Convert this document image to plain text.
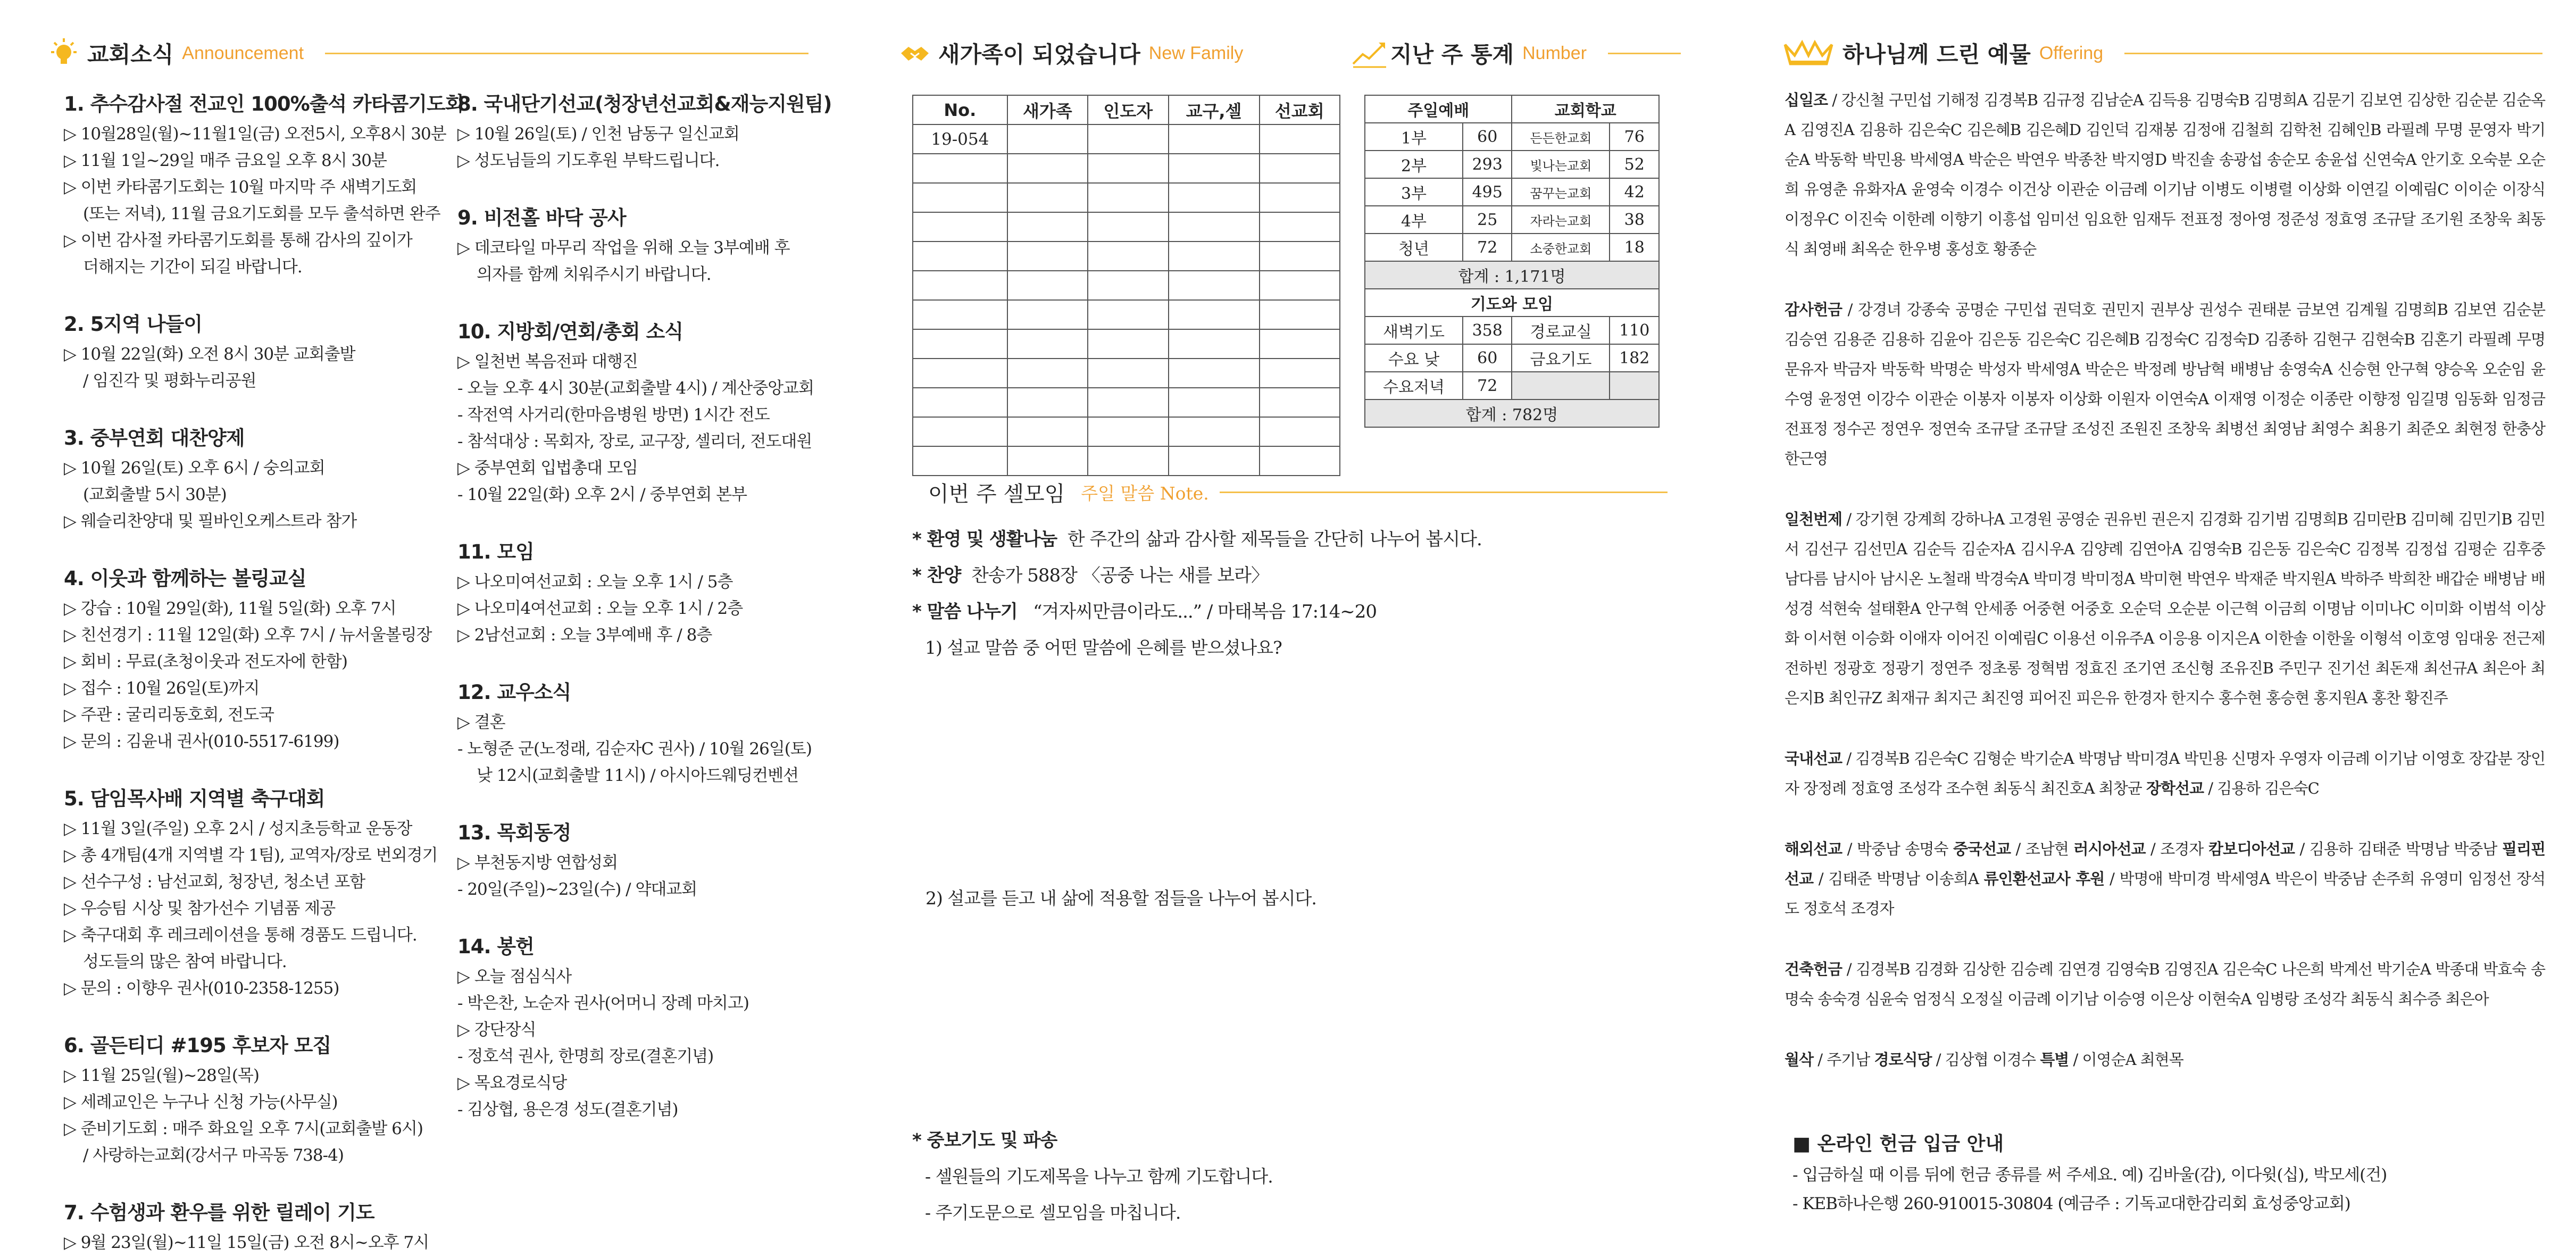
교회소식 Announcement
1. 추수감사절 전교인 100%출석 카타콤기도회
▷ 10월28일(월)~11월1일(금) 오전5시, 오후8시 30분
▷ 11월 1일~29일 매주 금요일 오후 8시 30분
▷ 이번 카타콤기도회는 10월 마지막 주 새벽기도회
(또는 저녁), 11월 금요기도회를 모두 출석하면 완주
▷ 이번 감사절 카타콤기도회를 통해 감사의 깊이가
더해지는 기간이 되길 바랍니다.
2. 5지역 나들이
▷ 10월 22일(화) 오전 8시 30분 교회출발
/ 임진각 및 평화누리공원
3. 중부연회 대찬양제
▷ 10월 26일(토) 오후 6시 / 숭의교회
(교회출발 5시 30분)
▷ 웨슬리찬양대 및 필바인오케스트라 참가
4. 이웃과 함께하는 볼링교실
▷ 강습 : 10월 29일(화), 11월 5일(화) 오후 7시
▷ 친선경기 : 11월 12일(화) 오후 7시 / 뉴서울볼링장
▷ 회비 : 무료(초청이웃과 전도자에 한함)
▷ 접수 : 10월 26일(토)까지
▷ 주관 : 굴리리동호회, 전도국
▷ 문의 : 김윤내 권사(010-5517-6199)
5. 담임목사배 지역별 축구대회
▷ 11월 3일(주일) 오후 2시 / 성지초등학교 운동장
▷ 총 4개팀(4개 지역별 각 1팀), 교역자/장로 번외경기
▷ 선수구성 : 남선교회, 청장년, 청소년 포함
▷ 우승팀 시상 및 참가선수 기념품 제공
▷ 축구대회 후 레크레이션을 통해 경품도 드립니다.
성도들의 많은 참여 바랍니다.
▷ 문의 : 이향우 권사(010-2358-1255)
6. 골든티디 #195 후보자 모집
▷ 11월 25일(월)~28일(목)
▷ 세례교인은 누구나 신청 가능(사무실)
▷ 준비기도회 : 매주 화요일 오후 7시(교회출발 6시)
/ 사랑하는교회(강서구 마곡동 738-4)
7. 수험생과 환우를 위한 릴레이 기도
▷ 9월 23일(월)~11일 15일(금) 오전 8시~오후 7시
8. 국내단기선교(청장년선교회&재능지원팀)
▷ 10월 26일(토) / 인천 남동구 일신교회
▷ 성도님들의 기도후원 부탁드립니다.
9. 비전홀 바닥 공사
▷ 데코타일 마무리 작업을 위해 오늘 3부예배 후
의자를 함께 치워주시기 바랍니다.
10. 지방회/연회/총회 소식
▷ 일천번 복음전파 대행진
- 오늘 오후 4시 30분(교회출발 4시) / 계산중앙교회
- 작전역 사거리(한마음병원 방면) 1시간 전도
- 참석대상 : 목회자, 장로, 교구장, 셀리더, 전도대원
▷ 중부연회 입법총대 모임
- 10월 22일(화) 오후 2시 / 중부연회 본부
11. 모임
▷ 나오미여선교회 : 오늘 오후 1시 / 5층
▷ 나오미4여선교회 : 오늘 오후 1시 / 2층
▷ 2남선교회 : 오늘 3부예배 후 / 8층
12. 교우소식
▷ 결혼
- 노형준 군(노정래, 김순자C 권사) / 10월 26일(토)
낮 12시(교회출발 11시) / 아시아드웨딩컨벤션
13. 목회동정
▷ 부천동지방 연합성회
- 20일(주일)~23일(수) / 약대교회
14. 봉헌
▷ 오늘 점심식사
- 박은찬, 노순자 권사(어머니 장례 마치고)
▷ 강단장식
- 정호석 권사, 한명희 장로(결혼기념)
▷ 목요경로식당
- 김상협, 용은경 성도(결혼기념)
새가족이 되었습니다 New Family	지난 주 통계 Number
No.	새가족	인도자	교구,셀	선교회
19-054				

주일예배		교회학교	
1부	60	든든한교회	76
2부	293	빛나는교회	52
3부	495	꿈꾸는교회	42
4부	25	자라는교회	38
청년	72	소중한교회	18
합계 : 1,171명			
기도와 모임			
새벽기도	358	경로교실	110
수요 낮	60	금요기도	182
수요저녁	72		
합계 : 782명			
이번 주 셀모임 주일 말씀 Note.
* 환영 및 생활나눔 한 주간의 삶과 감사할 제목들을 간단히 나누어 봅시다.
* 찬양 찬송가 588장 〈공중 나는 새를 보라〉
* 말씀 나누기 “겨자씨만큼이라도...” / 마태복음 17:14~20
1) 설교 말씀 중 어떤 말씀에 은혜를 받으셨나요?
2) 설교를 듣고 내 삶에 적용할 점들을 나누어 봅시다.
* 중보기도 및 파송
- 셀원들의 기도제목을 나누고 함께 기도합니다.
- 주기도문으로 셀모임을 마칩니다.
하나님께 드린 예물 Offering
십일조 / 강신철 구민섭 기해정 김경복B 김규정 김남순A 김득용 김명숙B 김명희A 김문기 김보연 김상한 김순분 김순옥A 김영진A 김용하 김은숙C 김은혜B 김은혜D 김인덕 김재봉 김정애 김철희 김학천 김혜인B 라필례 무명 문영자 박기순A 박동학 박민용 박세영A 박순은 박연우 박종찬 박지영D 박진솔 송광섭 송순모 송윤섭 신연숙A 안기호 오숙분 오순희 유영춘 유화자A 윤영숙 이경수 이건상 이관순 이금례 이기남 이병도 이병렬 이상화 이연길 이예림C 이이순 이장식 이정우C 이진숙 이한례 이향기 이흥섭 임미선 임요한 임재두 전표정 정아영 정준성 정효영 조규달 조기원 조창욱 최동식 최영배 최옥순 한우병 홍성호 황종순
감사헌금 / 강경녀 강종숙 공명순 구민섭 권덕호 권민지 권부상 권성수 권태분 금보연 김계월 김명희B 김보연 김순분 김승연 김용준 김용하 김윤아 김은동 김은숙C 김은혜B 김정숙C 김정숙D 김종하 김현구 김현숙B 김혼기 라필례 무명 문유자 박금자 박동학 박명순 박성자 박세영A 박순은 박정례 방남혁 배병남 송영숙A 신승현 안구혁 양승옥 오순임 윤수영 윤정연 이강수 이관순 이봉자 이봉자 이상화 이원자 이연숙A 이재영 이정순 이종란 이향정 임길명 임동화 임정금 전표정 정수곤 정연우 정연숙 조규달 조규달 조성진 조원진 조창욱 최병선 최영남 최영수 최용기 최준오 최현정 한충상 한근영
일천번제 / 강기현 강계희 강하나A 고경원 공영순 권유빈 권은지 김경화 김기범 김명희B 김미란B 김미혜 김민기B 김민서 김선구 김선민A 김순득 김순자A 김시우A 김양례 김연아A 김영숙B 김은동 김은숙C 김정복 김정섭 김평순 김후중 남다름 남시아 남시온 노철래 박경숙A 박미경 박미정A 박미현 박연우 박재준 박지원A 박하주 박희찬 배갑순 배병남 배성경 석현숙 설태환A 안구혁 안세종 어중현 어중호 오순덕 오순분 이근혁 이금희 이명남 이미나C 이미화 이범석 이상화 이서현 이승화 이애자 이어진 이예림C 이용선 이유주A 이응용 이지은A 이한솔 이한울 이형석 이호영 임대웅 전근제 전하빈 정광호 정광기 정연주 정초롱 정혁범 정효진 조기연 조신형 조유진B 주민구 진기선 최돈재 최선규A 최은아 최은지B 최인규Z 최재규 최지근 최진영 피어진 피은유 한경자 한지수 홍수현 홍승현 홍지원A 홍찬 황진주
국내선교 / 김경복B 김은숙C 김형순 박기순A 박명남 박미경A 박민용 신명자 우영자 이금례 이기남 이영호 장갑분 장인자 장정례 정효영 조성각 조수현 최동식 최진호A 최창균 장학선교 / 김용하 김은숙C
해외선교 / 박중남 송명숙 중국선교 / 조남현 러시아선교 / 조경자 캄보디아선교 / 김용하 김태준 박명남 박중남 필리핀선교 / 김태준 박명남 이송희A 류인환선교사 후원 / 박명애 박미경 박세영A 박은이 박중남 손주희 유영미 임정선 장석도 정호석 조경자
건축헌금 / 김경복B 김경화 김상한 김승례 김연경 김영숙B 김영진A 김은숙C 나은희 박계선 박기순A 박종대 박효숙 송명숙 송숙경 심윤숙 엄정식 오정실 이금례 이기남 이승영 이은상 이현숙A 임병랑 조성각 최동식 최수증 최은아
월삭 / 주기남 경로식당 / 김상협 이경수 특별 / 이영순A 최현목
■ 온라인 헌금 입금 안내
- 입금하실 때 이름 뒤에 헌금 종류를 써 주세요. 예) 김바울(감), 이다윗(십), 박모세(건)
- KEB하나은행 260-910015-30804 (예금주 : 기독교대한감리회 효성중앙교회)
